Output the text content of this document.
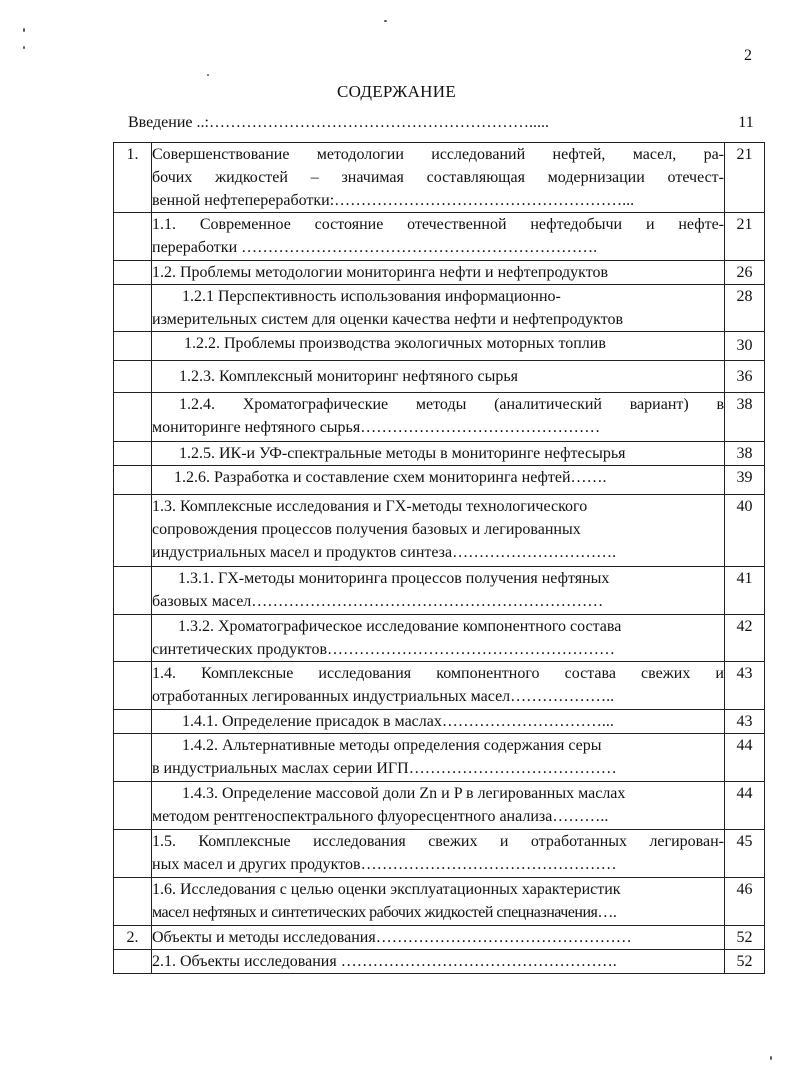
2
СОДЕРЖАНИЕ
Введение ..:…………………………………………………….....	11
1.	Совершенствование методологии исследований нефтей, масел, ра-
бочих жидкостей – значимая составляющая модернизации отечест-
венной нефтепереработки:………………………………………………...	21

	1.1. Современное состояние отечественной нефтедобычи и нефте-
переработки ………………………………………………………….	21

	1.2. Проблемы методологии мониторинга нефти и нефтепродуктов	26

	1.2.1 Перспективность использования информационно-
измерительных систем для оценки качества нефти и нефтепродуктов	28

	1.2.2. Проблемы производства экологичных моторных топлив	30

	1.2.3. Комплексный мониторинг нефтяного сырья	36

	1.2.4. Хроматографические методы (аналитический вариант) в
мониторинге нефтяного сырья………………………………………	38

	1.2.5. ИК-и УФ-спектральные методы в мониторинге нефтесырья	38

	1.2.6. Разработка и составление схем мониторинга нефтей…….	39

	1.3. Комплексные исследования и ГХ-методы технологического
сопровождения процессов получения базовых и легированных
индустриальных масел и продуктов синтеза………………………….	40

	1.3.1. ГХ-методы мониторинга процессов получения нефтяных
базовых масел…………………………………………………………	41

	1.3.2. Хроматографическое исследование компонентного состава
синтетических продуктов………………………………………………	42

	1.4. Комплексные исследования компонентного состава свежих и
отработанных легированных индустриальных масел………………..	43

	1.4.1. Определение присадок в маслах…………………………...	43

	1.4.2. Альтернативные методы определения содержания серы
в индустриальных маслах серии ИГП…………………………………	44

	1.4.3. Определение массовой доли Zn и P в легированных маслах
методом рентгеноспектрального флуоресцентного анализа………..	44

	1.5. Комплексные исследования свежих и отработанных легирован-
ных масел и других продуктов…………………………………………	45

	1.6. Исследования с целью оценки эксплуатационных характеристик
масел нефтяных и синтетических рабочих жидкостей спецназначения….	46
2.	Объекты и методы исследования…………………………………………	52

	2.1. Объекты исследования …………………………………………….	52
